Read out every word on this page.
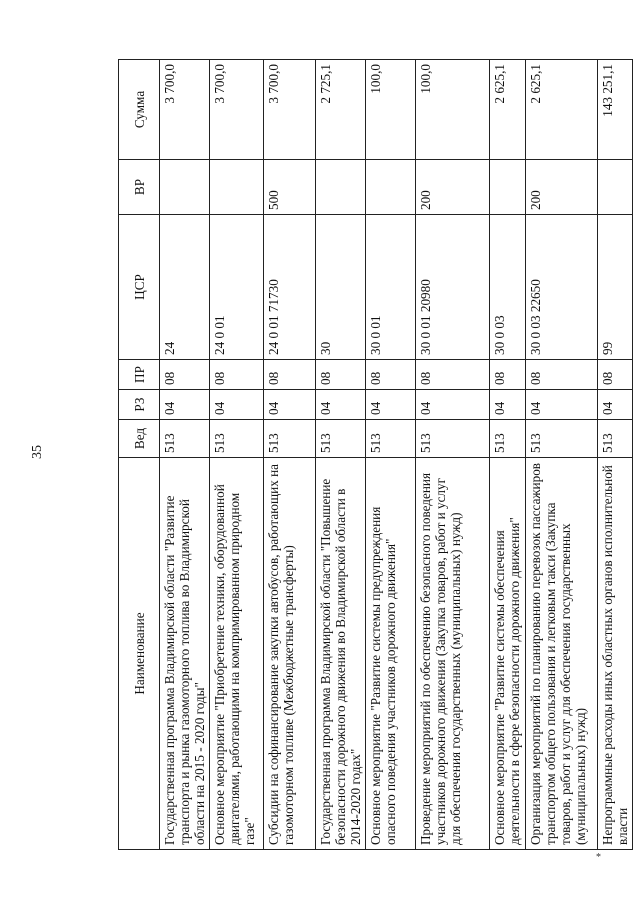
35
*
Наименование	Вед	РЗ	ПР	ЦСР	ВР	Сумма
Государственная программа Владимирской области "Развитие транспорта и рынка газомоторного топлива во Владимирской области на 2015 - 2020 годы"	513	04	08	24		3 700,0
Основное мероприятие "Приобретение техники, оборудованной двигателями, работающими на компримированном природном газе"	513	04	08	24 0 01		3 700,0
Субсидии на софинансирование закупки автобусов, работающих на газомоторном топливе (Межбюджетные трансферты)	513	04	08	24 0 01 71730	500	3 700,0
Государственная программа Владимирской области "Повышение безопасности дорожного движения во Владимирской области в 2014-2020 годах"	513	04	08	30		2 725,1
Основное мероприятие "Развитие системы предупреждения опасного поведения участников дорожного движения"	513	04	08	30 0 01		100,0
Проведение мероприятий по обеспечению безопасного поведения участников дорожного движения (Закупка товаров, работ и услуг для обеспечения государственных (муниципальных) нужд)	513	04	08	30 0 01 20980	200	100,0
Основное мероприятие "Развитие системы обеспечения деятельности в сфере безопасности дорожного движения"	513	04	08	30 0 03		2 625,1
Организация мероприятий по планированию перевозок пассажиров транспортом общего пользования и легковым такси (Закупка товаров, работ и услуг для обеспечения государственных (муниципальных) нужд)	513	04	08	30 0 03 22650	200	2 625,1
Непрограммные расходы иных областных органов исполнительной власти	513	04	08	99		143 251,1
